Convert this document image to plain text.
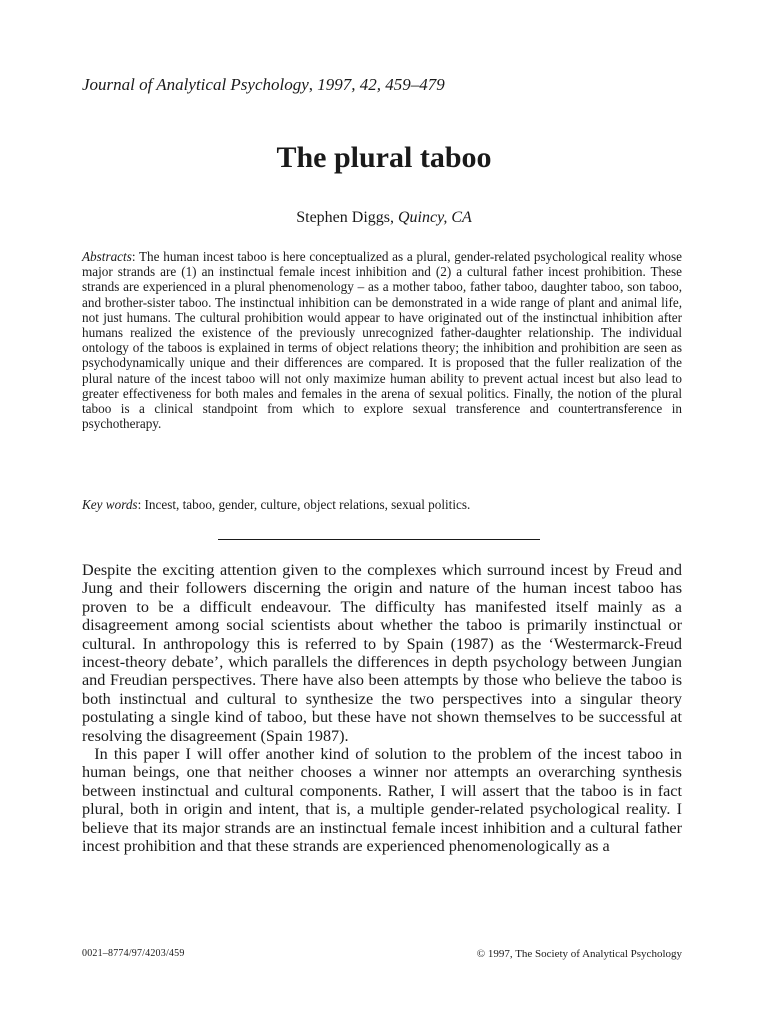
Journal of Analytical Psychology, 1997, 42, 459–479
The plural taboo
Stephen Diggs, Quincy, CA
Abstracts: The human incest taboo is here conceptualized as a plural, gender-related psychological reality whose major strands are (1) an instinctual female incest inhibition and (2) a cultural father incest prohibition. These strands are experienced in a plural phenomenology – as a mother taboo, father taboo, daughter taboo, son taboo, and brother-sister taboo. The instinctual inhibition can be demonstrated in a wide range of plant and animal life, not just humans. The cultural prohibition would appear to have originated out of the instinctual inhibition after humans realized the existence of the previously unrecognized father-daughter relationship. The individual ontology of the taboos is explained in terms of object relations theory; the inhibition and prohibition are seen as psychodynamically unique and their differences are compared. It is proposed that the fuller realization of the plural nature of the incest taboo will not only maximize human ability to prevent actual incest but also lead to greater effectiveness for both males and females in the arena of sexual politics. Finally, the notion of the plural taboo is a clinical standpoint from which to explore sexual transference and countertransference in psychotherapy.
Key words: Incest, taboo, gender, culture, object relations, sexual politics.

Despite the exciting attention given to the complexes which surround incest by Freud and Jung and their followers discerning the origin and nature of the human incest taboo has proven to be a difficult endeavour. The difficulty has manifested itself mainly as a disagreement among social scientists about whether the taboo is primarily instinctual or cultural. In anthropology this is referred to by Spain (1987) as the ‘Westermarck-Freud incest-theory debate’, which parallels the differences in depth psychology between Jungian and Freudian perspectives. There have also been attempts by those who believe the taboo is both instinctual and cultural to synthesize the two perspectives into a singular theory postulating a single kind of taboo, but these have not shown themselves to be successful at resolving the disagreement (Spain 1987).

In this paper I will offer another kind of solution to the problem of the incest taboo in human beings, one that neither chooses a winner nor attempts an overarching synthesis between instinctual and cultural components. Rather, I will assert that the taboo is in fact plural, both in origin and intent, that is, a multiple gender-related psychological reality. I believe that its major strands are an instinctual female incest inhibition and a cultural father incest prohibition and that these strands are experienced phenomenologically as a

0021–8774/97/4203/459	© 1997, The Society of Analytical Psychology
